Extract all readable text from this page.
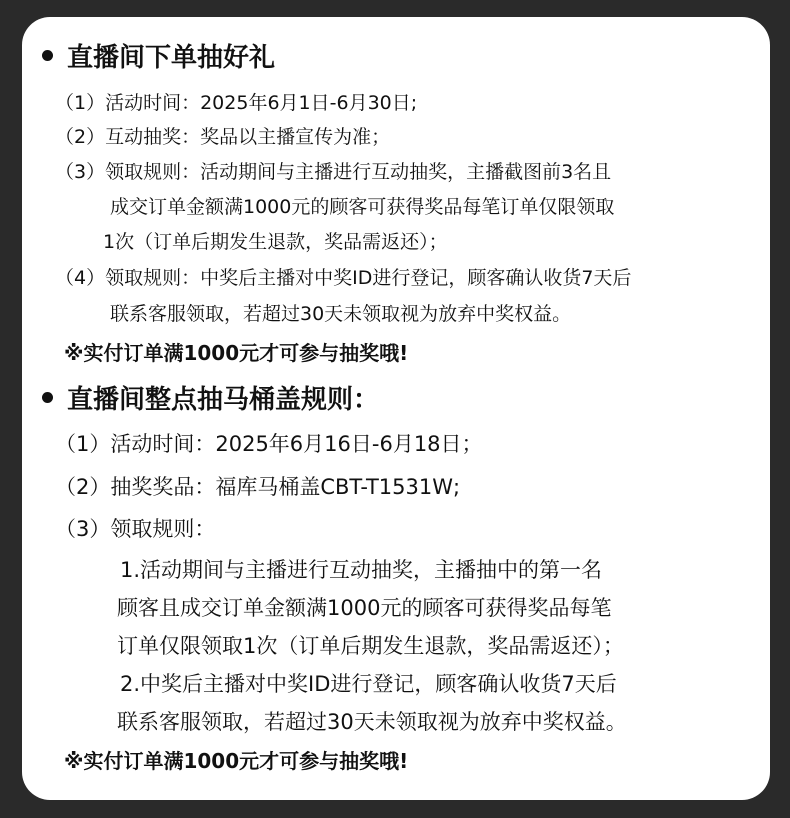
直播间下单抽好礼
（1）活动时间：2025年6月1日-6月30日;
（2）互动抽奖：奖品以主播宣传为准；
（3）领取规则：活动期间与主播进行互动抽奖，主播截图前3名且
成交订单金额满1000元的顾客可获得奖品每笔订单仅限领取
1次（订单后期发生退款，奖品需返还）；
（4）领取规则：中奖后主播对中奖ID进行登记，顾客确认收货7天后
联系客服领取，若超过30天未领取视为放弃中奖权益。
※实付订单满1000元才可参与抽奖哦!
直播间整点抽马桶盖规则：
（1）活动时间：2025年6月16日-6月18日；
（2）抽奖奖品：福库马桶盖CBT-T1531W;
（3）领取规则：
1.活动期间与主播进行互动抽奖，主播抽中的第一名
顾客且成交订单金额满1000元的顾客可获得奖品每笔
订单仅限领取1次（订单后期发生退款，奖品需返还）；
2.中奖后主播对中奖ID进行登记，顾客确认收货7天后
联系客服领取，若超过30天未领取视为放弃中奖权益。
※实付订单满1000元才可参与抽奖哦!
